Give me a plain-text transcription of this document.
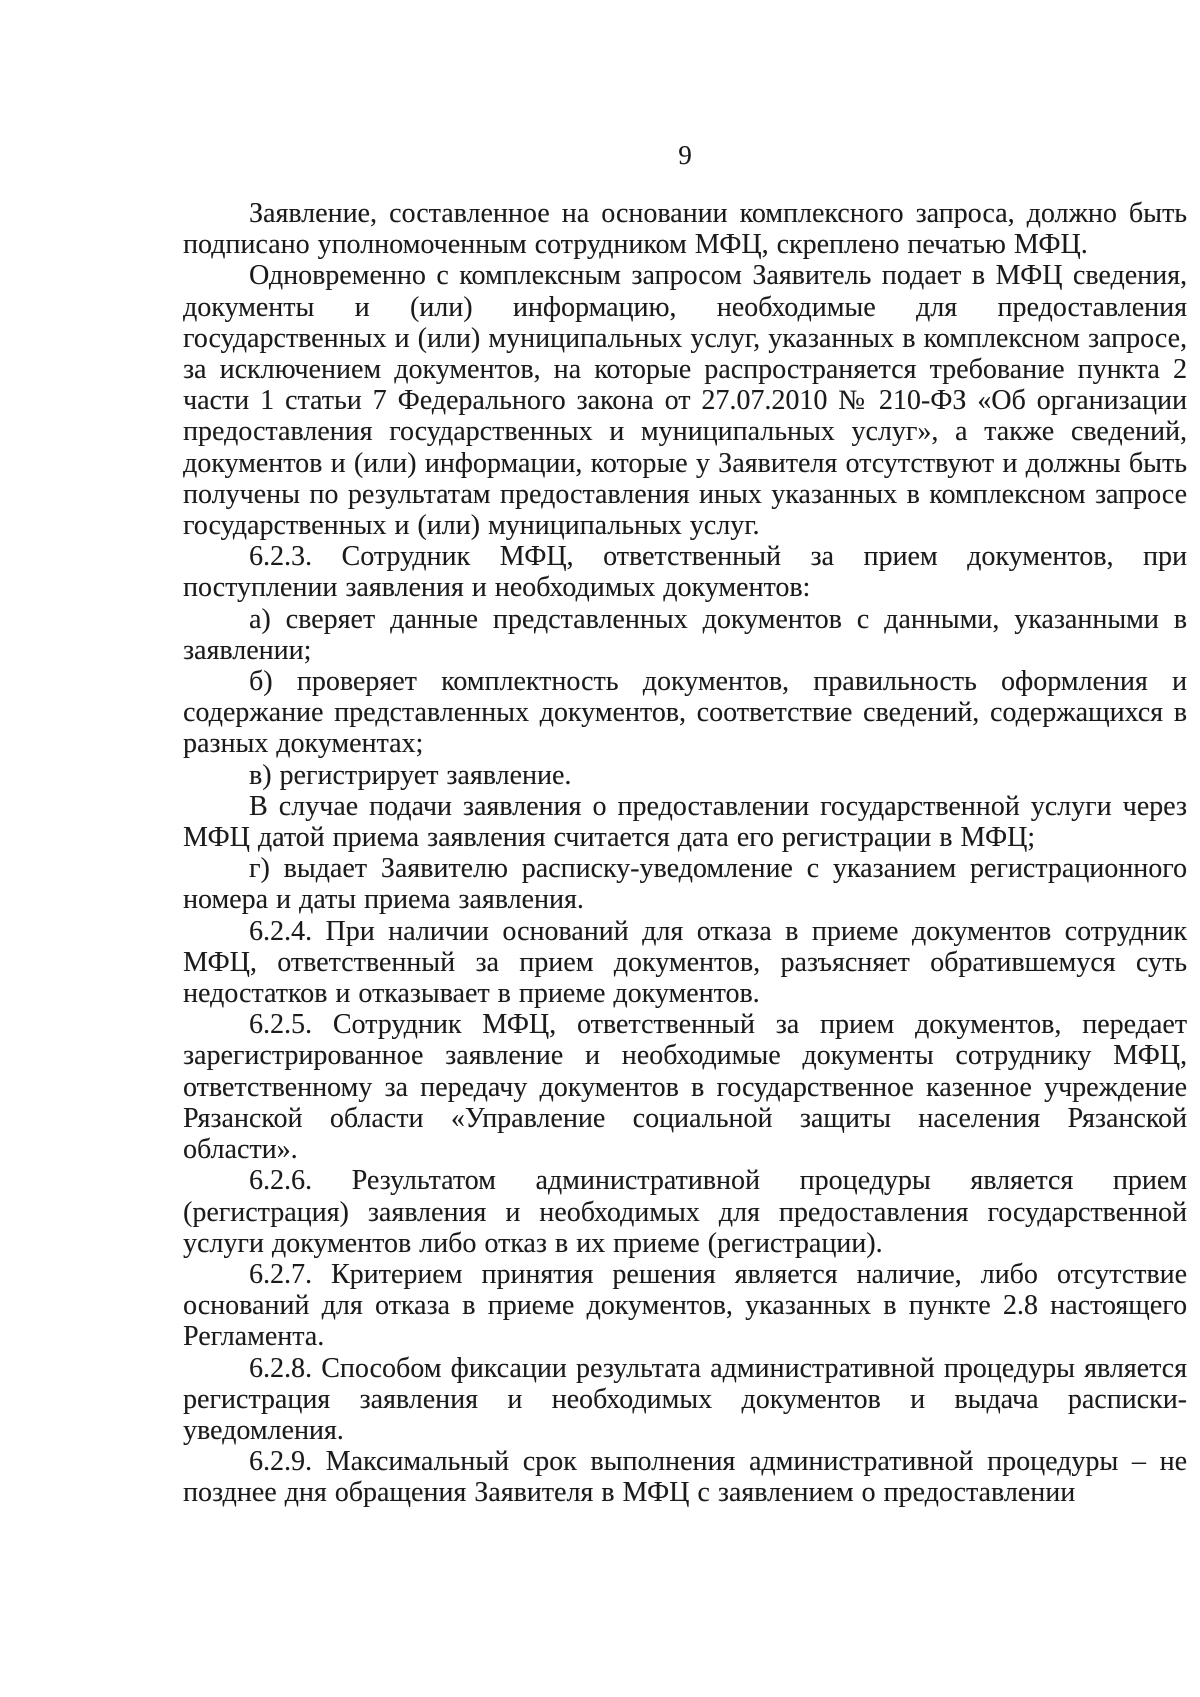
9

Заявление, составленное на основании комплексного запроса, должно быть подписано уполномоченным сотрудником МФЦ, скреплено печатью МФЦ.

Одновременно с комплексным запросом Заявитель подает в МФЦ сведения, документы и (или) информацию, необходимые для предоставления государственных и (или) муниципальных услуг, указанных в комплексном запросе, за исключением документов, на которые распространяется требование пункта 2 части 1 статьи 7 Федерального закона от 27.07.2010 № 210-ФЗ «Об организации предоставления государственных и муниципальных услуг», а также сведений, документов и (или) информации, которые у Заявителя отсутствуют и должны быть получены по результатам предоставления иных указанных в комплексном запросе государственных и (или) муниципальных услуг.

6.2.3. Сотрудник МФЦ, ответственный за прием документов, при поступлении заявления и необходимых документов:

а) сверяет данные представленных документов с данными, указанными в заявлении;

б) проверяет комплектность документов, правильность оформления и содержание представленных документов, соответствие сведений, содержащихся в разных документах;

в) регистрирует заявление.

В случае подачи заявления о предоставлении государственной услуги через МФЦ датой приема заявления считается дата его регистрации в МФЦ;

г) выдает Заявителю расписку-уведомление с указанием регистрационного номера и даты приема заявления.

6.2.4. При наличии оснований для отказа в приеме документов сотрудник МФЦ, ответственный за прием документов, разъясняет обратившемуся суть недостатков и отказывает в приеме документов.

6.2.5. Сотрудник МФЦ, ответственный за прием документов, передает зарегистрированное заявление и необходимые документы сотруднику МФЦ, ответственному за передачу документов в государственное казенное учреждение Рязанской области «Управление социальной защиты населения Рязанской области».

6.2.6. Результатом административной процедуры является прием (регистрация) заявления и необходимых для предоставления государственной услуги документов либо отказ в их приеме (регистрации).

6.2.7. Критерием принятия решения является наличие, либо отсутствие оснований для отказа в приеме документов, указанных в пункте 2.8 настоящего Регламента.

6.2.8. Способом фиксации результата административной процедуры является регистрация заявления и необходимых документов и выдача расписки-уведомления.

6.2.9. Максимальный срок выполнения административной процедуры – не позднее дня обращения Заявителя в МФЦ с заявлением о предоставлении
